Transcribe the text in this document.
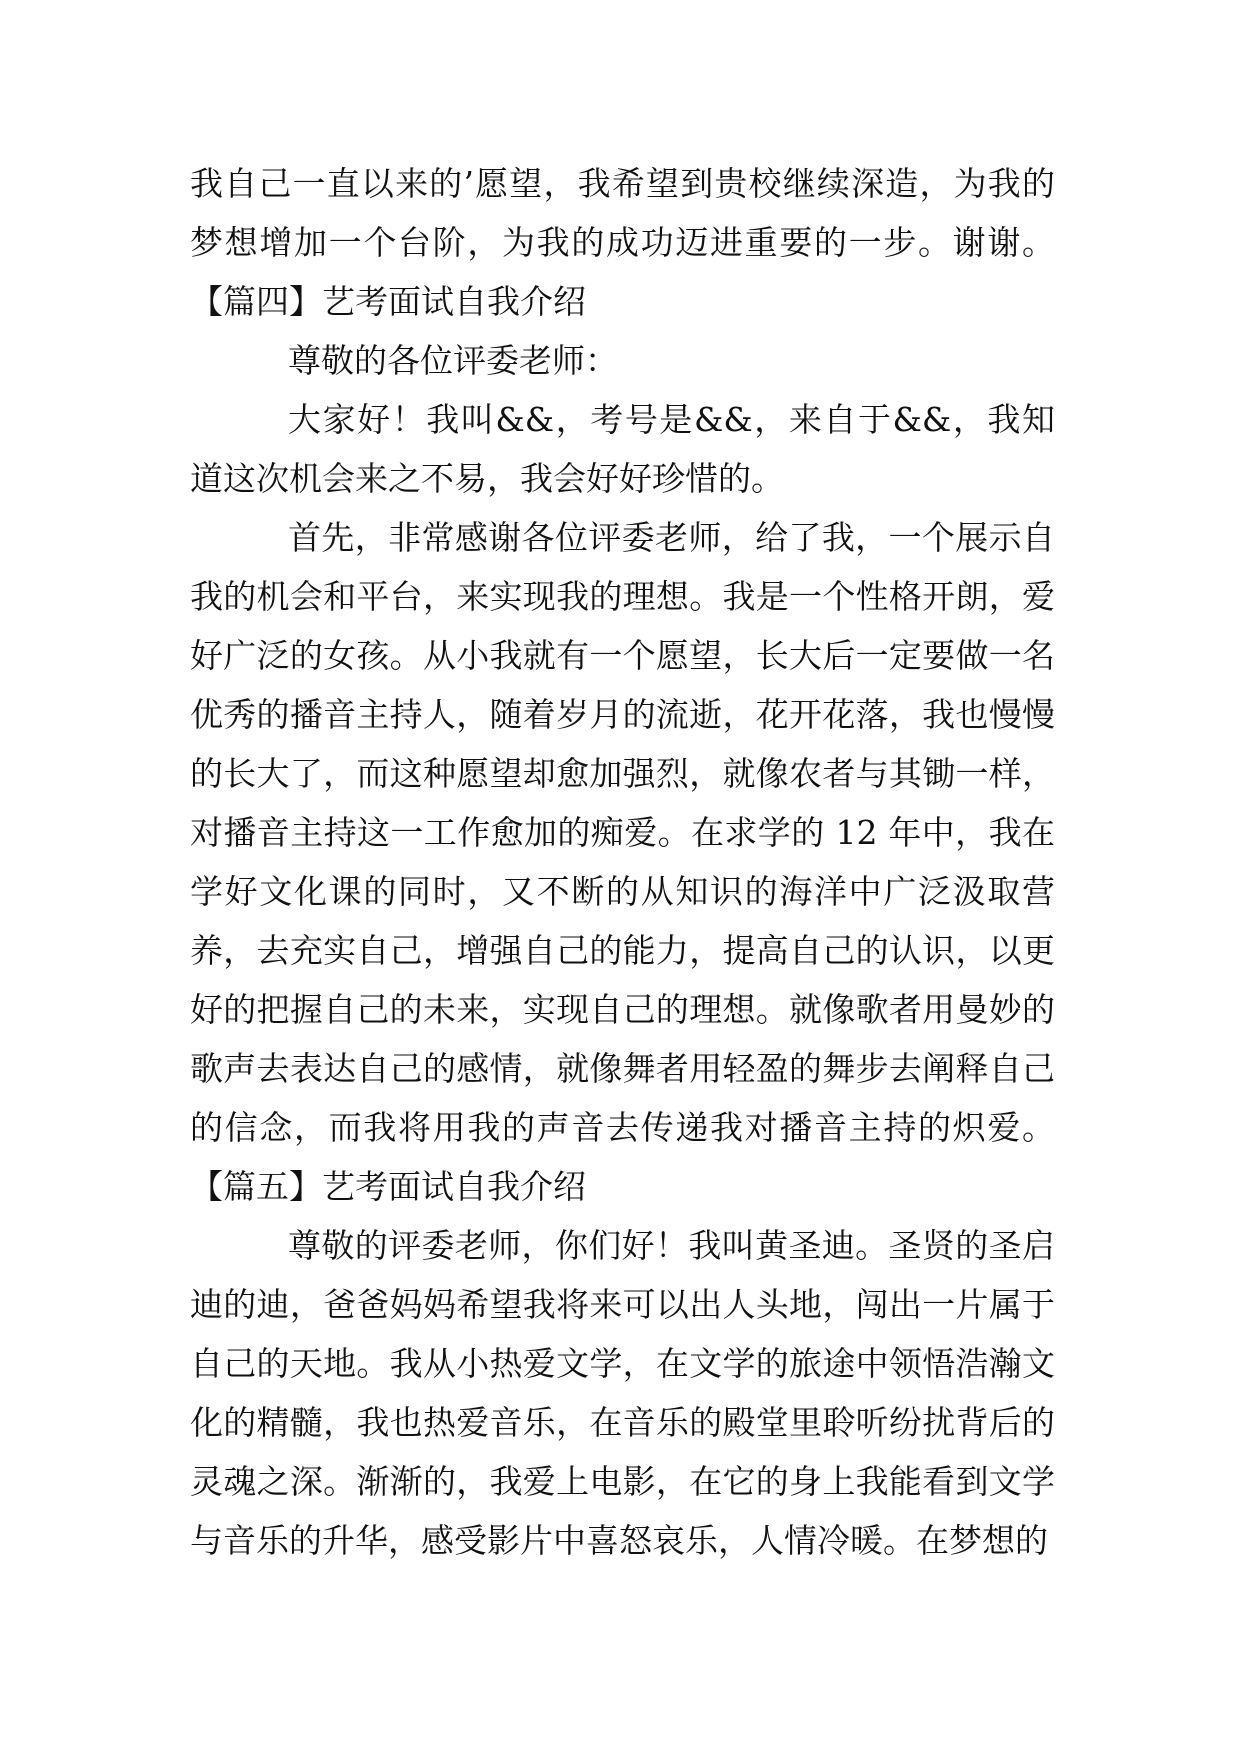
我自己一直以来的’愿望，我希望到贵校继续深造，为我的梦想增加一个台阶，为我的成功迈进重要的一步。谢谢。【篇四】艺考面试自我介绍

尊敬的各位评委老师：

大家好！我叫&&，考号是&&，来自于&&，我知道这次机会来之不易，我会好好珍惜的。

首先，非常感谢各位评委老师，给了我，一个展示自我的机会和平台，来实现我的理想。我是一个性格开朗，爱好广泛的女孩。从小我就有一个愿望，长大后一定要做一名优秀的播音主持人，随着岁月的流逝，花开花落，我也慢慢的长大了，而这种愿望却愈加强烈，就像农者与其锄一样，对播音主持这一工作愈加的痴爱。在求学的 12 年中，我在学好文化课的同时，又不断的从知识的海洋中广泛汲取营养，去充实自己，增强自己的能力，提高自己的认识，以更好的把握自己的未来，实现自己的理想。就像歌者用曼妙的歌声去表达自己的感情，就像舞者用轻盈的舞步去阐释自己的信念，而我将用我的声音去传递我对播音主持的炽爱。【篇五】艺考面试自我介绍

尊敬的评委老师，你们好！我叫黄圣迪。圣贤的圣启迪的迪，爸爸妈妈希望我将来可以出人头地，闯出一片属于自己的天地。我从小热爱文学，在文学的旅途中领悟浩瀚文化的精髓，我也热爱音乐，在音乐的殿堂里聆听纷扰背后的灵魂之深。渐渐的，我爱上电影，在它的身上我能看到文学与音乐的升华，感受影片中喜怒哀乐，人情冷暖。在梦想的
